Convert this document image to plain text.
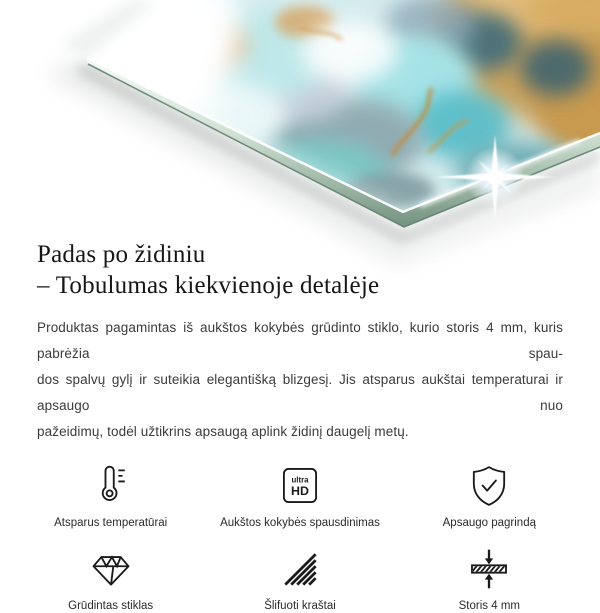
Padas po židiniu
– Tobulumas kiekvienoje detalėje

Produktas pagamintas iš aukštos kokybės grūdinto stiklo, kurio storis 4 mm, kuris pabrėžia spau-
dos spalvų gylį ir suteikia elegantišką blizgesį. Jis atsparus aukštai temperaturai ir apsaugo nuo
pažeidimų, todėl užtikrins apsaugą aplink židinį daugelį metų.

Atsparus temperatūrai
ultra
HD
Aukštos kokybės spausdinimas	Apsaugo pagrindą
Grūdintas stiklas	Šlifuoti kraštai	Storis 4 mm
